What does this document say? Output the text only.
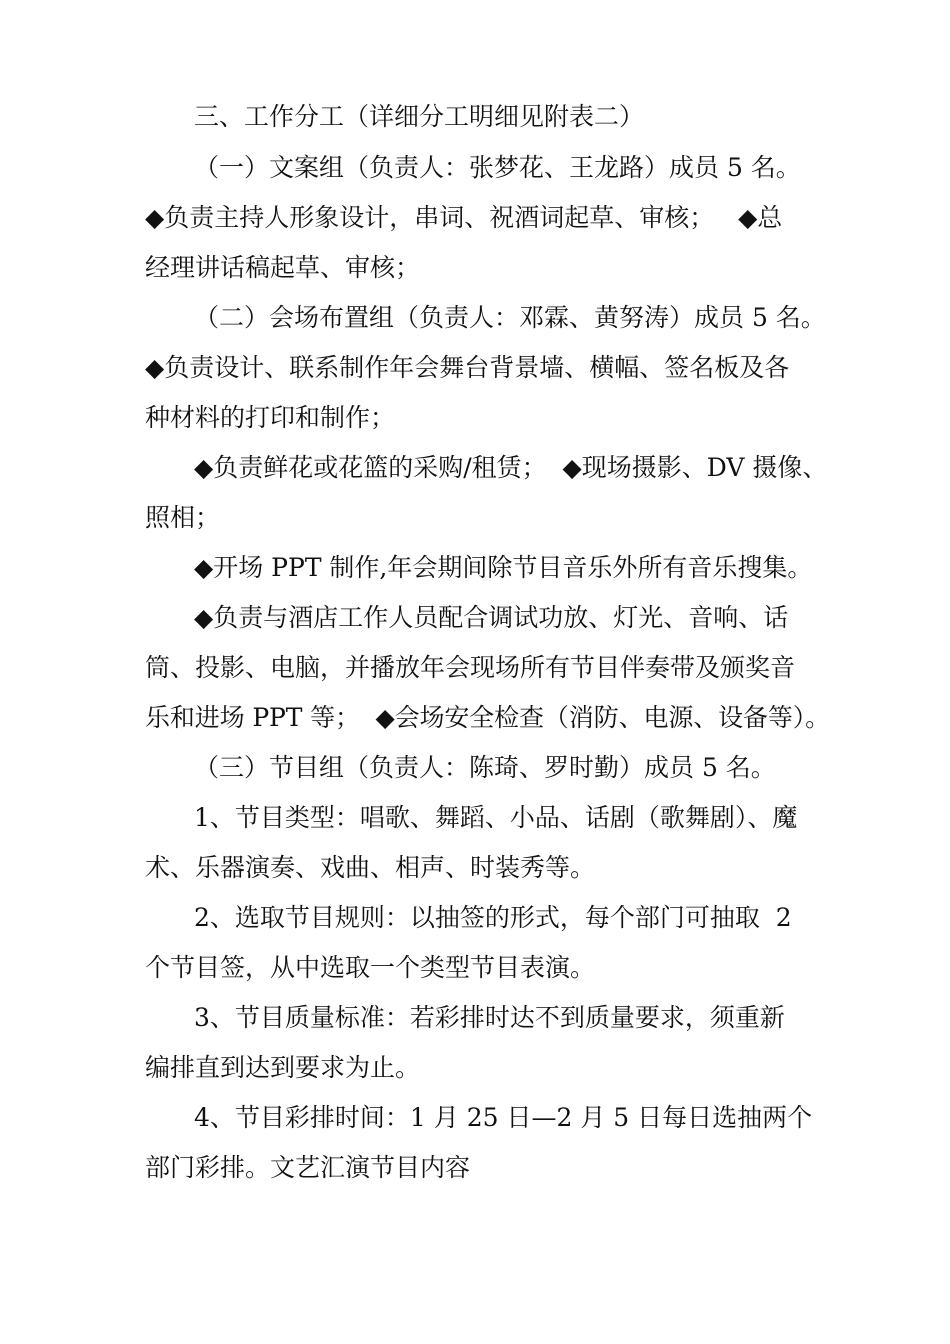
三、工作分工（详细分工明细见附表二）
（一）文案组（负责人：张梦花、王龙路）成员 5 名。
◆负责主持人形象设计，串词、祝酒词起草、审核；   ◆总
经理讲话稿起草、审核；
（二）会场布置组（负责人：邓霖、黄努涛）成员 5 名。
◆负责设计、联系制作年会舞台背景墙、横幅、签名板及各
种材料的打印和制作；
◆负责鲜花或花篮的采购/租赁；  ◆现场摄影、DV 摄像、
照相；
◆开场 PPT 制作,年会期间除节目音乐外所有音乐搜集。
◆负责与酒店工作人员配合调试功放、灯光、音响、话
筒、投影、电脑，并播放年会现场所有节目伴奏带及颁奖音
乐和进场 PPT 等；  ◆会场安全检查（消防、电源、设备等）。
（三）节目组（负责人：陈琦、罗时勤）成员 5 名。
1、节目类型：唱歌、舞蹈、小品、话剧（歌舞剧）、魔
术、乐器演奏、戏曲、相声、时装秀等。
2、选取节目规则：以抽签的形式，每个部门可抽取  2
个节目签，从中选取一个类型节目表演。
3、节目质量标准：若彩排时达不到质量要求，须重新
编排直到达到要求为止。
4、节目彩排时间：1 月 25 日—2 月 5 日每日选抽两个
部门彩排。文艺汇演节目内容
